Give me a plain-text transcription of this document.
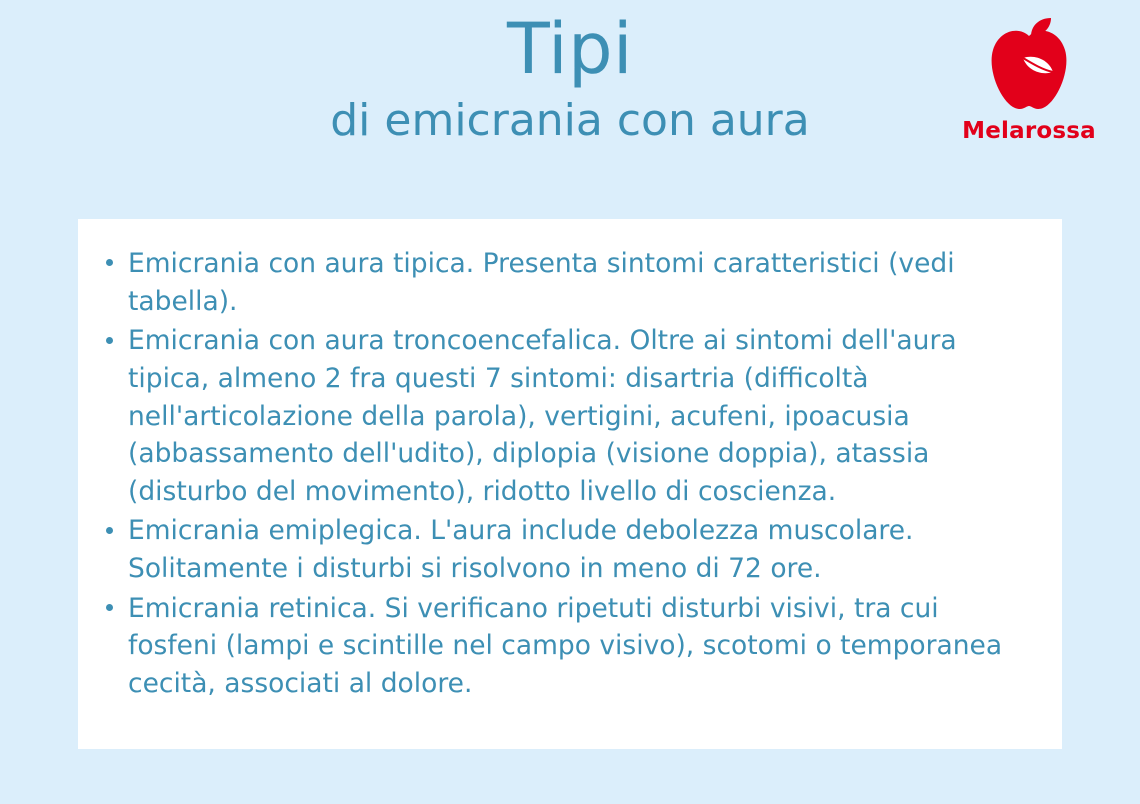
Tipi
di emicrania con aura	Melarossa
Emicrania con aura tipica. Presenta sintomi caratteristici (vedi tabella).
Emicrania con aura troncoencefalica. Oltre ai sintomi dell'aura tipica, almeno 2 fra questi 7 sintomi: disartria (difficoltà nell'articolazione della parola), vertigini, acufeni, ipoacusia (abbassamento dell'udito), diplopia (visione doppia), atassia (disturbo del movimento), ridotto livello di coscienza.
Emicrania emiplegica. L'aura include debolezza muscolare. Solitamente i disturbi si risolvono in meno di 72 ore.
Emicrania retinica. Si verificano ripetuti disturbi visivi, tra cui fosfeni (lampi e scintille nel campo visivo), scotomi o temporanea cecità, associati al dolore.
